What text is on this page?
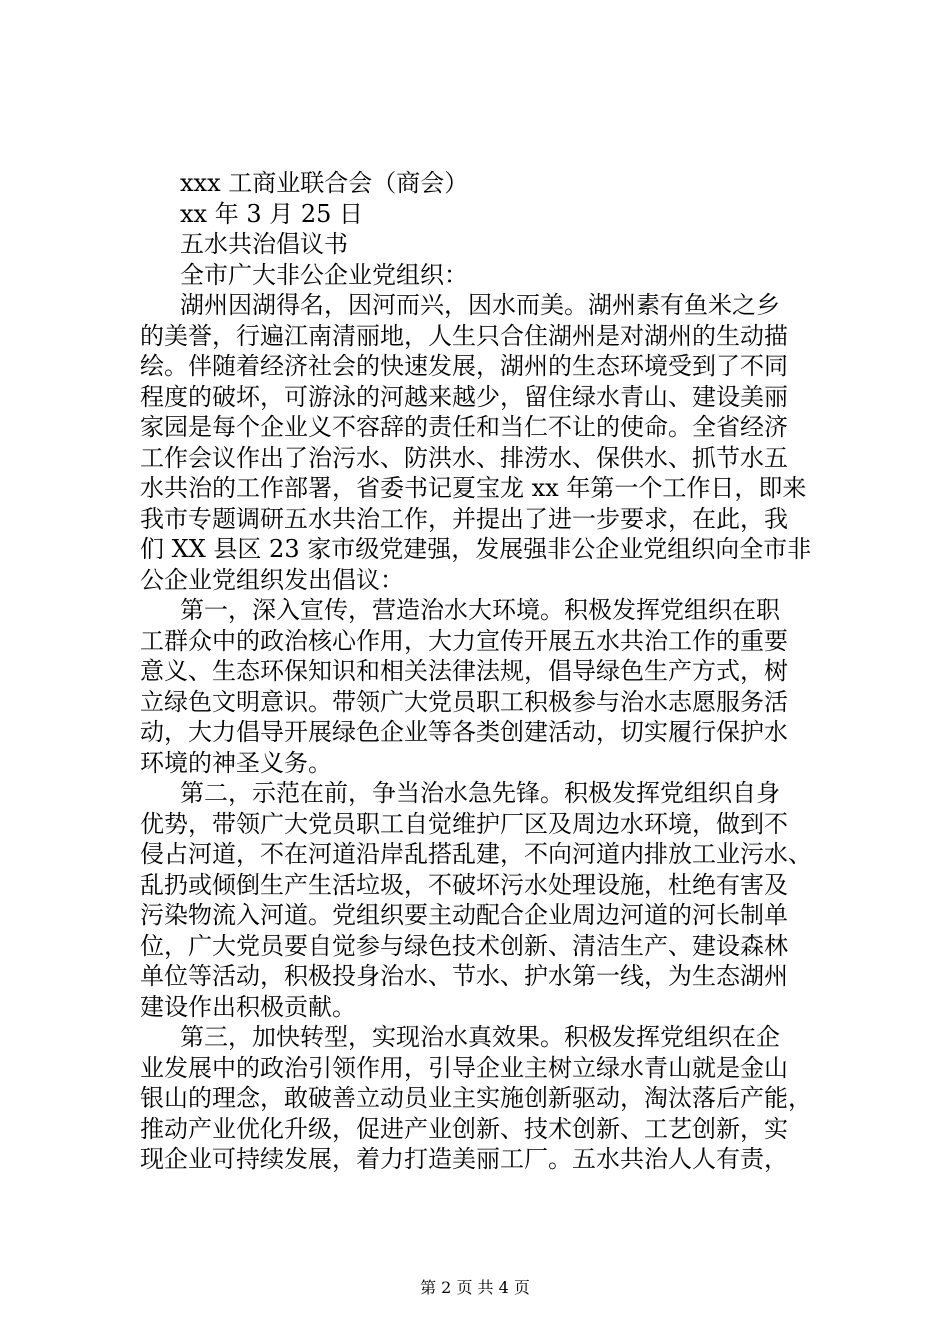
xxx 工商业联合会（商会）
xx 年 3 月 25 日
五水共治倡议书
全市广大非公企业党组织：
湖州因湖得名，因河而兴，因水而美。湖州素有鱼米之乡
的美誉，行遍江南清丽地，人生只合住湖州是对湖州的生动描
绘。伴随着经济社会的快速发展，湖州的生态环境受到了不同
程度的破坏，可游泳的河越来越少，留住绿水青山、建设美丽
家园是每个企业义不容辞的责任和当仁不让的使命。全省经济
工作会议作出了治污水、防洪水、排涝水、保供水、抓节水五
水共治的工作部署，省委书记夏宝龙 xx 年第一个工作日，即来
我市专题调研五水共治工作，并提出了进一步要求，在此，我
们 XX 县区 23 家市级党建强，发展强非公企业党组织向全市非
公企业党组织发出倡议：
第一，深入宣传，营造治水大环境。积极发挥党组织在职
工群众中的政治核心作用，大力宣传开展五水共治工作的重要
意义、生态环保知识和相关法律法规，倡导绿色生产方式，树
立绿色文明意识。带领广大党员职工积极参与治水志愿服务活
动，大力倡导开展绿色企业等各类创建活动，切实履行保护水
环境的神圣义务。
第二，示范在前，争当治水急先锋。积极发挥党组织自身
优势，带领广大党员职工自觉维护厂区及周边水环境，做到不
侵占河道，不在河道沿岸乱搭乱建，不向河道内排放工业污水、
乱扔或倾倒生产生活垃圾，不破坏污水处理设施，杜绝有害及
污染物流入河道。党组织要主动配合企业周边河道的河长制单
位，广大党员要自觉参与绿色技术创新、清洁生产、建设森林
单位等活动，积极投身治水、节水、护水第一线，为生态湖州
建设作出积极贡献。
第三，加快转型，实现治水真效果。积极发挥党组织在企
业发展中的政治引领作用，引导企业主树立绿水青山就是金山
银山的理念，敢破善立动员业主实施创新驱动，淘汰落后产能，
推动产业优化升级，促进产业创新、技术创新、工艺创新，实
现企业可持续发展，着力打造美丽工厂。五水共治人人有责，
第 2 页 共 4 页
